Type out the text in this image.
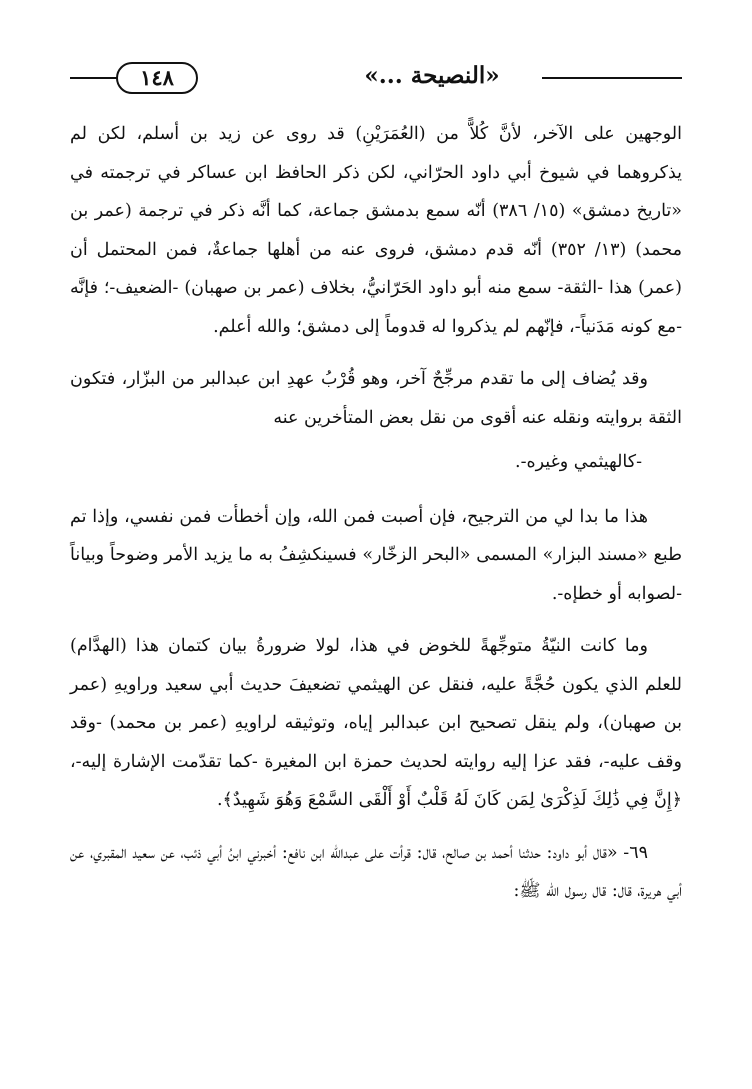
١٤٨	«النصيحة ...»

الوجهين على الآخر، لأنَّ كُلاًّ من (العُمَرَيْنِ) قد روى عن زيد بن أسلم، لكن لم يذكروهما في شيوخ أبي داود الحرّاني، لكن ذكر الحافظ ابن عساكر في ترجمته في «تاريخ دمشق» (١٥/ ٣٨٦) أنّه سمع بدمشق جماعة، كما أنَّه ذكر في ترجمة (عمر بن محمد) (١٣/ ٣٥٢) أنّه قدم دمشق، فروى عنه من أهلها جماعةٌ، فمن المحتمل أن (عمر) هذا -الثقة- سمع منه أبو داود الحَرّانيُّ، بخلاف (عمر بن صهبان) -الضعيف-؛ فإنَّه -مع كونه مَدَنياً-، فإنّهم لم يذكروا له قدوماً إلى دمشق؛ والله أعلم.

وقد يُضاف إلى ما تقدم مرجِّحٌ آخر، وهو قُرْبُ عهدِ ابن عبدالبر من البزّار، فتكون الثقة بروايته ونقله عنه أقوى من نقل بعض المتأخرين عنه

-كالهيثمي وغيره-.

هذا ما بدا لي من الترجيح، فإن أصبت فمن الله، وإن أخطأت فمن نفسي، وإذا تم طبع «مسند البزار» المسمى «البحر الزخّار» فسينكشِفُ به ما يزيد الأمر وضوحاً وبياناً -لصوابه أو خطإه-.

وما كانت النيّةُ متوجِّهةً للخوض في هذا، لولا ضرورةُ بيان كتمان هذا (الهدَّام) للعلم الذي يكون حُجَّةً عليه، فنقل عن الهيثمي تضعيفَ حديث أبي سعيد وراويهِ (عمر بن صهبان)، ولم ينقل تصحيح ابن عبدالبر إياه، وتوثيقه لراويهِ (عمر بن محمد) -وقد وقف عليه-، فقد عزا إليه روايته لحديث حمزة ابن المغيرة -كما تقدّمت الإشارة إليه-، ﴿إِنَّ فِي ذَٰلِكَ لَذِكْرَىٰ لِمَن كَانَ لَهُ قَلْبٌ أَوْ أَلْقَى السَّمْعَ وَهُوَ شَهِيدٌ﴾.

٦٩- «قال أبو داود: حدثنا أحمد بن صالح، قال: قرأت على عبدالله ابن نافع: أخبرني ابنُ أبي ذئب، عن سعيد المقبري، عن أبي هريرة، قال: قال رسول الله ﷺ:
